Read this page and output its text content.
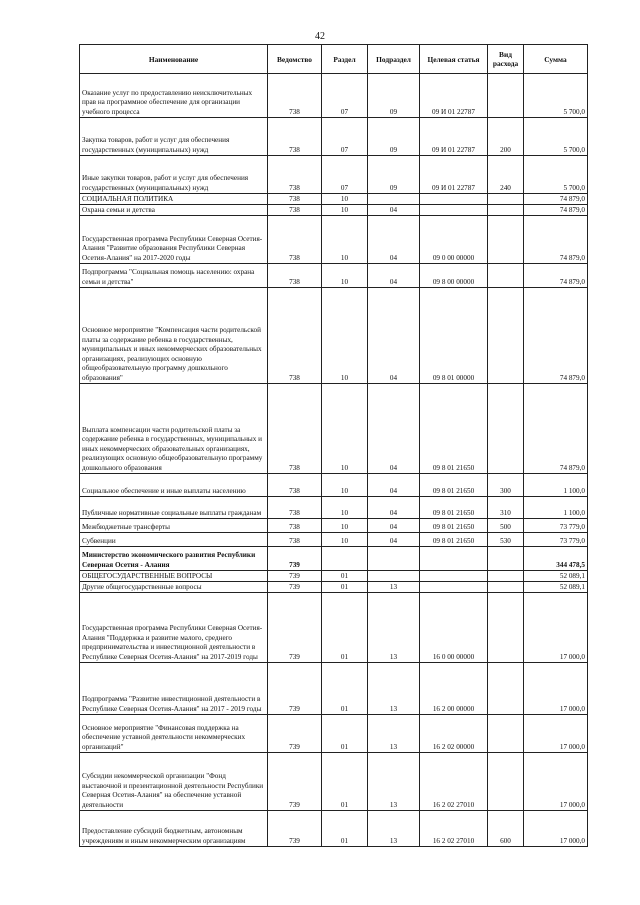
42
Наименование	Ведомство	Раздел	Подраздел	Целевая статья	Вид расхода	Сумма
Оказание услуг по предоставлению неисключительных прав на программное обеспечение для организации учебного процесса	738	07	09	09 И 01 22787		5 700,0
Закупка товаров, работ и услуг для обеспечения государственных (муниципальных) нужд	738	07	09	09 И 01 22787	200	5 700,0
Иные закупки товаров, работ и услуг для обеспечения государственных (муниципальных) нужд	738	07	09	09 И 01 22787	240	5 700,0
СОЦИАЛЬНАЯ ПОЛИТИКА	738	10				74 879,0
Охрана семьи и детства	738	10	04			74 879,0
Государственная программа Республики Северная Осетия-Алания "Развитие образования Республики Северная Осетия-Алания" на 2017-2020 годы	738	10	04	09 0 00 00000		74 879,0
Подпрограмма "Социальная помощь населению: охрана семьи и детства"	738	10	04	09 8 00 00000		74 879,0
Основное мероприятие "Компенсация части родительской платы за содержание ребенка в государственных, муниципальных и иных некоммерческих образовательных организациях, реализующих основную общеобразовательную программу дошкольного образования"	738	10	04	09 8 01 00000		74 879,0
Выплата компенсации части родительской платы за содержание ребенка в государственных, муниципальных и иных некоммерческих образовательных организациях, реализующих основную общеобразовательную программу дошкольного образования	738	10	04	09 8 01 21650		74 879,0
Социальное обеспечение и иные выплаты населению	738	10	04	09 8 01 21650	300	1 100,0
Публичные нормативные социальные выплаты гражданам	738	10	04	09 8 01 21650	310	1 100,0
Межбюджетные трансферты	738	10	04	09 8 01 21650	500	73 779,0
Субвенции	738	10	04	09 8 01 21650	530	73 779,0
Министерство экономического развития Республики Северная Осетия - Алания	739					344 478,5
ОБЩЕГОСУДАРСТВЕННЫЕ ВОПРОСЫ	739	01				52 089,1
Другие общегосударственные вопросы	739	01	13			52 089,1
Государственная программа Республики Северная Осетия-Алания "Поддержка и развитие малого, среднего предпринимательства и инвестиционной деятельности в Республике Северная Осетия-Алания" на 2017-2019 годы	739	01	13	16 0 00 00000		17 000,0
Подпрограмма "Развитие инвестиционной деятельности в Республике Северная Осетия-Алания" на 2017 - 2019 годы	739	01	13	16 2 00 00000		17 000,0
Основное мероприятие "Финансовая поддержка на обеспечение уставной деятельности некоммерческих организаций"	739	01	13	16 2 02 00000		17 000,0
Субсидии некоммерческой организации "Фонд выставочной и презентационной деятельности Республики Северная Осетия-Алания" на обеспечение уставной деятельности	739	01	13	16 2 02 27010		17 000,0
Предоставление субсидий бюджетным, автономным учреждениям и иным некоммерческим организациям	739	01	13	16 2 02 27010	600	17 000,0
